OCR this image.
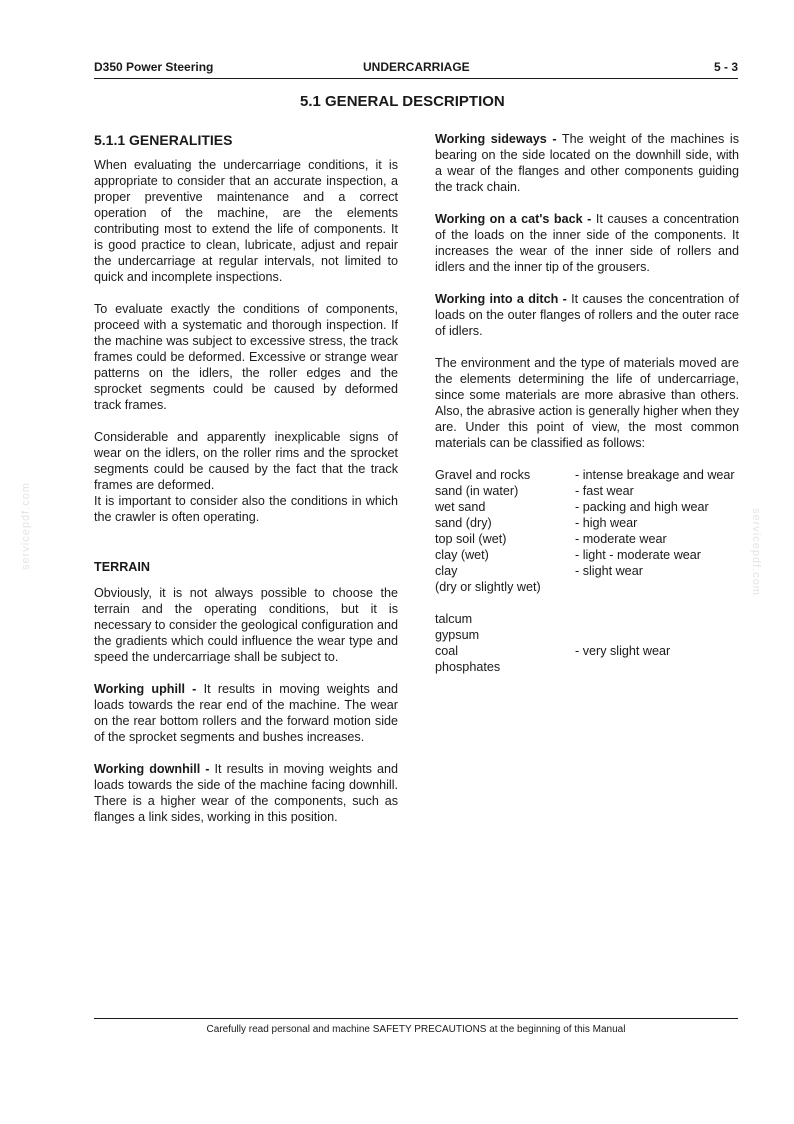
D350 Power Steering	UNDERCARRIAGE	5 - 3
5.1 GENERAL DESCRIPTION
5.1.1 GENERALITIES

When evaluating the undercarriage conditions, it is appropriate to consider that an accurate inspection, a proper preventive maintenance and a correct operation of the machine, are the elements contributing most to extend the life of components. It is good practice to clean, lubricate, adjust and repair the undercarriage at regular intervals, not limited to quick and incomplete inspections.

To evaluate exactly the conditions of components, proceed with a systematic and thorough inspection. If the machine was subject to excessive stress, the track frames could be deformed. Excessive or strange wear patterns on the idlers, the roller edges and the sprocket segments could be caused by deformed track frames.

Considerable and apparently inexplicable signs of wear on the idlers, on the roller rims and the sprocket segments could be caused by the fact that the track frames are deformed.

It is important to consider also the conditions in which the crawler is often operating.

TERRAIN

Obviously, it is not always possible to choose the terrain and the operating conditions, but it is necessary to consider the geological configuration and the gradients which could influence the wear type and speed the undercarriage shall be subject to.

Working uphill - It results in moving weights and loads towards the rear end of the machine. The wear on the rear bottom rollers and the forward motion side of the sprocket segments and bushes increases.

Working downhill - It results in moving weights and loads towards the side of the machine facing downhill. There is a higher wear of the components, such as flanges a link sides, working in this position.

Working sideways - The weight of the machines is bearing on the side located on the downhill side, with a wear of the flanges and other components guiding the track chain.

Working on a cat's back - It causes a concentration of the loads on the inner side of the components. It increases the wear of the inner side of rollers and idlers and the inner tip of the grousers.

Working into a ditch - It causes the concentration of loads on the outer flanges of rollers and the outer race of idlers.

The environment and the type of materials moved are the elements determining the life of undercarriage, since some materials are more abrasive than others. Also, the abrasive action is generally higher when they are. Under this point of view, the most common materials can be classified as follows:

Gravel and rocks	- intense breakage and wear
sand (in water)	- fast wear
wet sand	- packing and high wear
sand (dry)	- high wear
top soil (wet)	- moderate wear
clay (wet)	- light - moderate wear
clay	- slight wear
(dry or slightly wet)	

talcum	
gypsum	
coal	- very slight wear
phosphates	
servicepdf.com	servicepdf.com
Carefully read personal and machine SAFETY PRECAUTIONS at the beginning of this Manual
